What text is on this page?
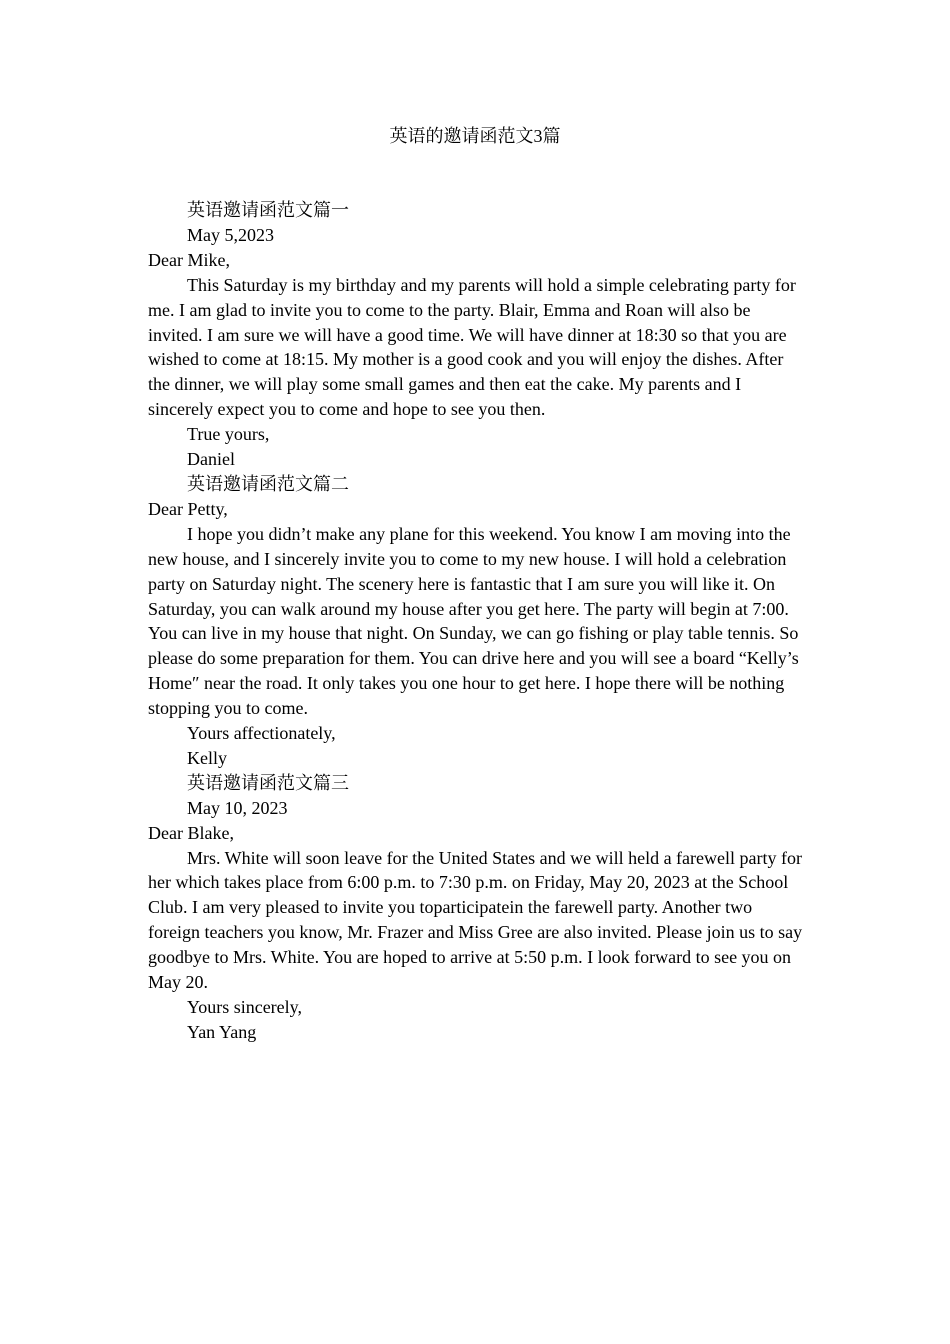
英语的邀请函范文3篇

英语邀请函范文篇一

May 5,2023

Dear Mike,

This Saturday is my birthday and my parents will hold a simple celebrating party for me. I am glad to invite you to come to the party. Blair, Emma and Roan will also be invited. I am sure we will have a good time. We will have dinner at 18:30 so that you are wished to come at 18:15. My mother is a good cook and you will enjoy the dishes. After the dinner, we will play some small games and then eat the cake. My parents and I sincerely expect you to come and hope to see you then.

True yours,

Daniel

英语邀请函范文篇二

Dear Petty,

I hope you didn’t make any plane for this weekend. You know I am moving into the new house, and I sincerely invite you to come to my new house. I will hold a celebration party on Saturday night. The scenery here is fantastic that I am sure you will like it. On Saturday, you can walk around my house after you get here. The party will begin at 7:00. You can live in my house that night. On Sunday, we can go fishing or play table tennis. So please do some preparation for them. You can drive here and you will see a board “Kelly’s Home″ near the road. It only takes you one hour to get here. I hope there will be nothing stopping you to come.

Yours affectionately,

Kelly

英语邀请函范文篇三

May 10, 2023

Dear Blake,

Mrs. White will soon leave for the United States and we will held a farewell party for her which takes place from 6:00 p.m. to 7:30 p.m. on Friday, May 20, 2023 at the School Club. I am very pleased to invite you toparticipatein the farewell party. Another two foreign teachers you know, Mr. Frazer and Miss Gree are also invited. Please join us to say goodbye to Mrs. White. You are hoped to arrive at 5:50 p.m. I look forward to see you on May 20.

Yours sincerely,

Yan Yang
